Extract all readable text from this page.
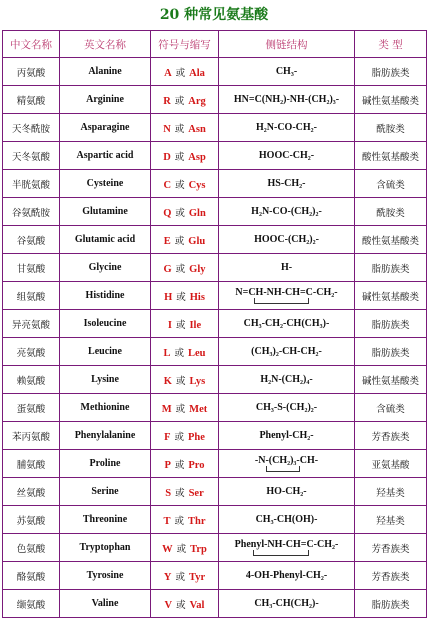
20 种常见氨基酸
中文名称	英文名称	符号与缩写	侧链结构	类 型
丙氨酸	Alanine	A 或 Ala	CH₃-	脂肪族类
精氨酸	Arginine	R 或 Arg	HN=C(NH₂)-NH-(CH₂)₃-	碱性氨基酸类
天冬酰胺	Asparagine	N 或 Asn	H₂N-CO-CH₂-	酰胺类
天冬氨酸	Aspartic acid	D 或 Asp	HOOC-CH₂-	酸性氨基酸类
半胱氨酸	Cysteine	C 或 Cys	HS-CH₂-	含硫类
谷氨酰胺	Glutamine	Q 或 Gln	H₂N-CO-(CH₂)₂-	酰胺类
谷氨酸	Glutamic acid	E 或 Glu	HOOC-(CH₂)₂-	酸性氨基酸类
甘氨酸	Glycine	G 或 Gly	H-	脂肪族类
组氨酸	Histidine	H 或 His	N=CH-NH-CH=C-CH₂-	碱性氨基酸类
异亮氨酸	Isoleucine	I 或 Ile	CH₃-CH₂-CH(CH₃)-	脂肪族类
亮氨酸	Leucine	L 或 Leu	(CH₃)₂-CH-CH₂-	脂肪族类
赖氨酸	Lysine	K 或 Lys	H₂N-(CH₂)₄-	碱性氨基酸类
蛋氨酸	Methionine	M 或 Met	CH₃-S-(CH₂)₂-	含硫类
苯丙氨酸	Phenylalanine	F 或 Phe	Phenyl-CH₂-	芳香族类
脯氨酸	Proline	P 或 Pro	-N-(CH₂)₃-CH-	亚氨基酸
丝氨酸	Serine	S 或 Ser	HO-CH₂-	羟基类
苏氨酸	Threonine	T 或 Thr	CH₃-CH(OH)-	羟基类
色氨酸	Tryptophan	W 或 Trp	Phenyl-NH-CH=C-CH₂-	芳香族类
酪氨酸	Tyrosine	Y 或 Tyr	4-OH-Phenyl-CH₂-	芳香族类
缬氨酸	Valine	V 或 Val	CH₃-CH(CH₂)-	脂肪族类
